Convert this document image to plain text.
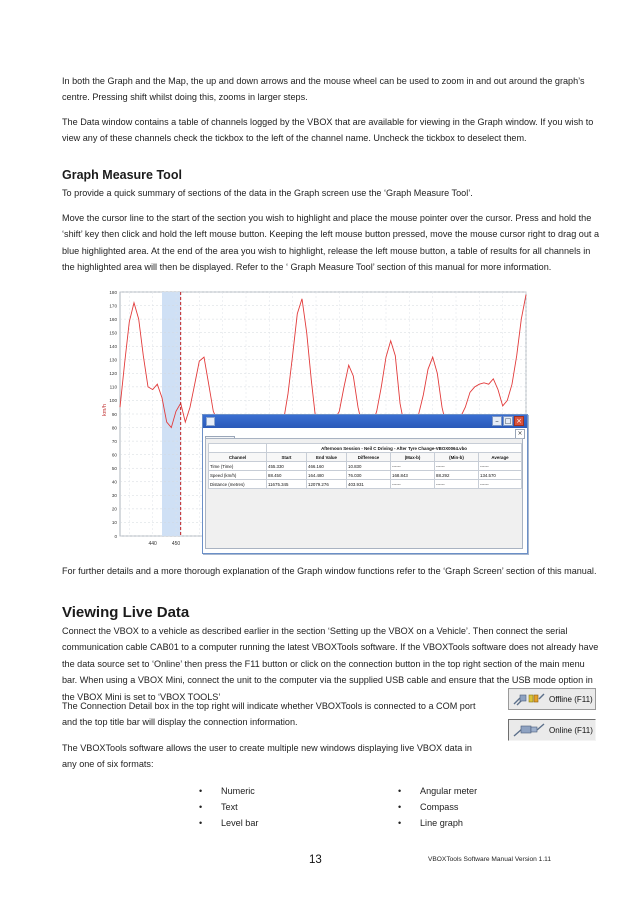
In both the Graph and the Map, the up and down arrows and the mouse wheel can be used to zoom in and out around the graph’s centre. Pressing shift whilst doing this, zooms in larger steps.

The Data window contains a table of channels logged by the VBOX that are available for viewing in the Graph window. If you wish to view any of these channels check the tickbox to the left of the channel name. Uncheck the tickbox to deselect them.

Graph Measure Tool

To provide a quick summary of sections of the data in the Graph screen use the ‘Graph Measure Tool’.

Move the cursor line to the start of the section you wish to highlight and place the mouse pointer over the cursor. Press and hold the ‘shift’ key then click and hold the left mouse button. Keeping the left mouse button pressed, move the mouse cursor right to drag out a blue highlighted area. At the end of the area you wish to highlight, release the left mouse button, a table of results for all channels in the highlighted area will then be displayed. Refer to the ‘ Graph Measure Tool’ section of this manual for more information.

0
10
20
30
40
50
60
70
80
90
100
110
120
130
140
150
160
170
180
440	450
km/h
– □ ×
×
	Afternoon Session - Neil C Driving - After Tyre Change-VBOX0064.vbo					
Channel	Start	End Value	Difference	(Max-b)	(Min-b)	Average
Time (Time)	455.330	466.160	10.830	------	------	------
Speed (km/h)	88.450	164.480	76.030	168.843	88.292	134.570
Distance (metres)	11675.345	12079.276	403.931	------	------	------

For further details and a more thorough explanation of the Graph window functions refer to the ‘Graph Screen’ section of this manual.

Viewing Live Data

Connect the VBOX to a vehicle as described earlier in the section ‘Setting up the VBOX on a Vehicle’. Then connect the serial communication cable CAB01 to a computer running the latest VBOXTools software. If the VBOXTools software does not already have the data source set to ‘Online’ then press the F11 button or click on the connection button in the top right section of the main menu bar. When using a VBOX Mini, connect the unit to the computer via the supplied USB cable and ensure that the USB mode option in the VBOX Mini is set to ‘VBOX TOOLS’

The Connection Detail box in the top right will indicate whether VBOXTools is connected to a COM port and the top title bar will display the connection information.

The VBOXTools software allows the user to create multiple new windows displaying live VBOX data in any one of six formats:

Offline (F11)
Online (F11)
• Numeric
• Text
• Level bar
• Angular meter
• Compass
• Line graph
13	VBOXTools Software Manual Version 1.11
